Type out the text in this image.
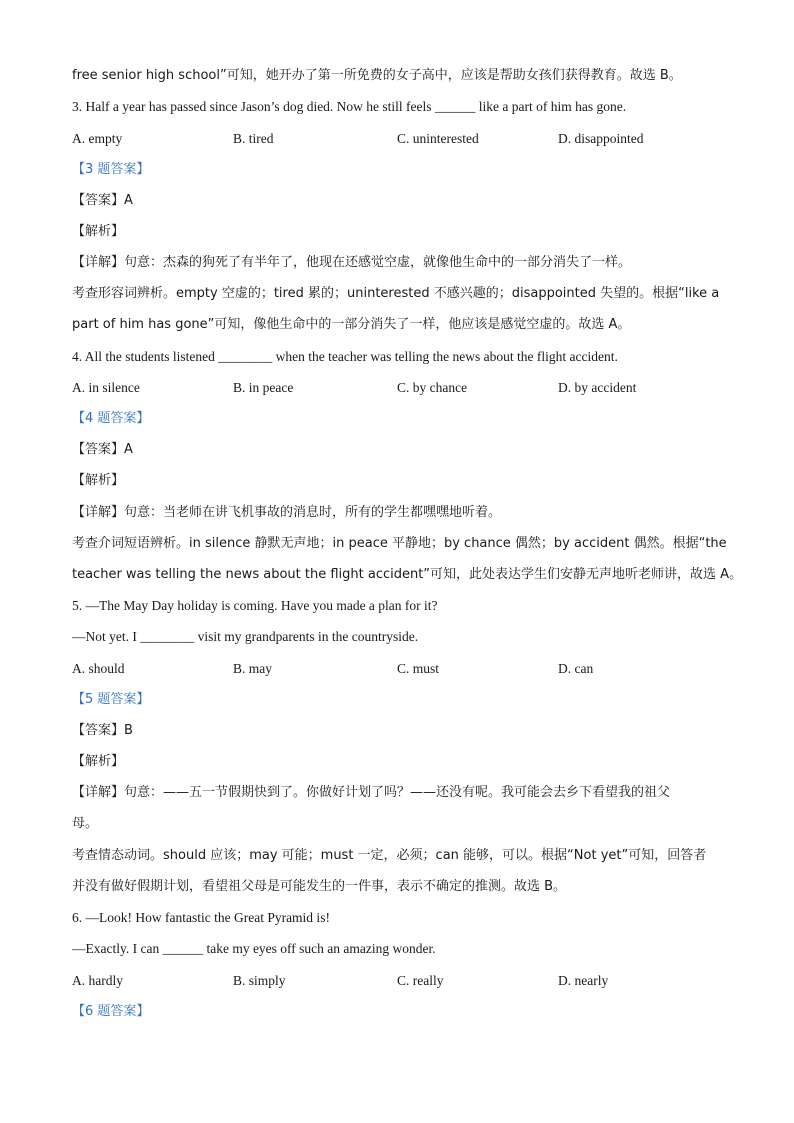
free senior high school”可知，她开办了第一所免费的女子高中，应该是帮助女孩们获得教育。故选 B。
3. Half a year has passed since Jason’s dog died. Now he still feels ______ like a part of him has gone.
A. empty	B. tired	C. uninterested	D. disappointed
【3 题答案】
【答案】A
【解析】
【详解】句意：杰森的狗死了有半年了，他现在还感觉空虚，就像他生命中的一部分消失了一样。
考查形容词辨析。empty 空虚的；tired 累的；uninterested 不感兴趣的；disappointed 失望的。根据“like a
part of him has gone”可知，像他生命中的一部分消失了一样，他应该是感觉空虚的。故选 A。
4. All the students listened ________ when the teacher was telling the news about the flight accident.
A. in silence	B. in peace	C. by chance	D. by accident
【4 题答案】
【答案】A
【解析】
【详解】句意：当老师在讲飞机事故的消息时，所有的学生都嘿嘿地听着。
考查介词短语辨析。in silence 静默无声地；in peace 平静地；by chance 偶然；by accident 偶然。根据“the
teacher was telling the news about the flight accident”可知，此处表达学生们安静无声地听老师讲，故选 A。
5. —The May Day holiday is coming. Have you made a plan for it?
—Not yet. I ________ visit my grandparents in the countryside.
A. should	B. may	C. must	D. can
【5 题答案】
【答案】B
【解析】
【详解】句意：——五一节假期快到了。你做好计划了吗？——还没有呢。我可能会去乡下看望我的祖父
母。
考查情态动词。should 应该；may 可能；must 一定，必须；can 能够，可以。根据“Not yet”可知，回答者
并没有做好假期计划，看望祖父母是可能发生的一件事，表示不确定的推测。故选 B。
6. —Look! How fantastic the Great Pyramid is!
—Exactly. I can ______ take my eyes off such an amazing wonder.
A. hardly	B. simply	C. really	D. nearly
【6 题答案】
